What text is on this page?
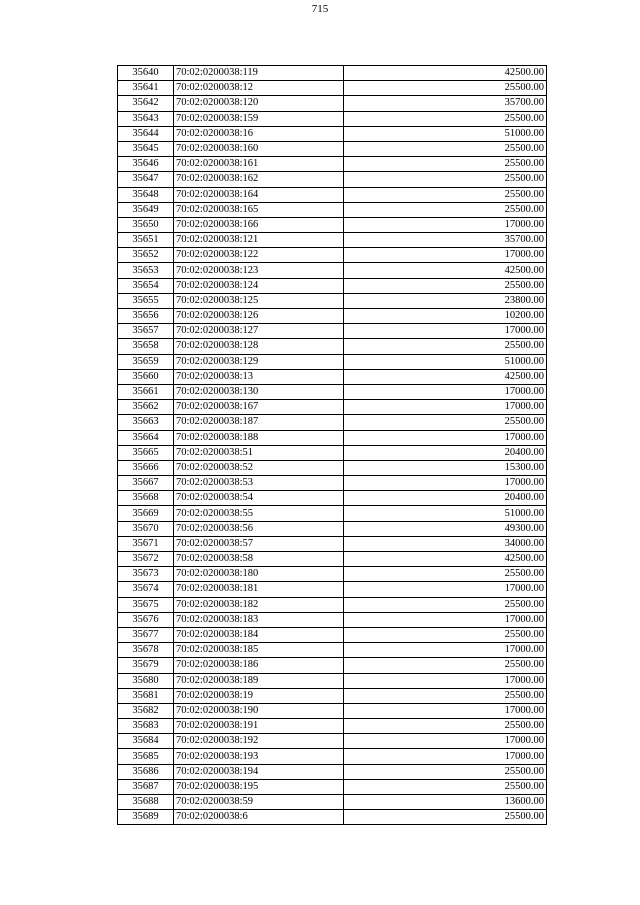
715
35640	70:02:0200038:119	42500.00
35641	70:02:0200038:12	25500.00
35642	70:02:0200038:120	35700.00
35643	70:02:0200038:159	25500.00
35644	70:02:0200038:16	51000.00
35645	70:02:0200038:160	25500.00
35646	70:02:0200038:161	25500.00
35647	70:02:0200038:162	25500.00
35648	70:02:0200038:164	25500.00
35649	70:02:0200038:165	25500.00
35650	70:02:0200038:166	17000.00
35651	70:02:0200038:121	35700.00
35652	70:02:0200038:122	17000.00
35653	70:02:0200038:123	42500.00
35654	70:02:0200038:124	25500.00
35655	70:02:0200038:125	23800.00
35656	70:02:0200038:126	10200.00
35657	70:02:0200038:127	17000.00
35658	70:02:0200038:128	25500.00
35659	70:02:0200038:129	51000.00
35660	70:02:0200038:13	42500.00
35661	70:02:0200038:130	17000.00
35662	70:02:0200038:167	17000.00
35663	70:02:0200038:187	25500.00
35664	70:02:0200038:188	17000.00
35665	70:02:0200038:51	20400.00
35666	70:02:0200038:52	15300.00
35667	70:02:0200038:53	17000.00
35668	70:02:0200038:54	20400.00
35669	70:02:0200038:55	51000.00
35670	70:02:0200038:56	49300.00
35671	70:02:0200038:57	34000.00
35672	70:02:0200038:58	42500.00
35673	70:02:0200038:180	25500.00
35674	70:02:0200038:181	17000.00
35675	70:02:0200038:182	25500.00
35676	70:02:0200038:183	17000.00
35677	70:02:0200038:184	25500.00
35678	70:02:0200038:185	17000.00
35679	70:02:0200038:186	25500.00
35680	70:02:0200038:189	17000.00
35681	70:02:0200038:19	25500.00
35682	70:02:0200038:190	17000.00
35683	70:02:0200038:191	25500.00
35684	70:02:0200038:192	17000.00
35685	70:02:0200038:193	17000.00
35686	70:02:0200038:194	25500.00
35687	70:02:0200038:195	25500.00
35688	70:02:0200038:59	13600.00
35689	70:02:0200038:6	25500.00
